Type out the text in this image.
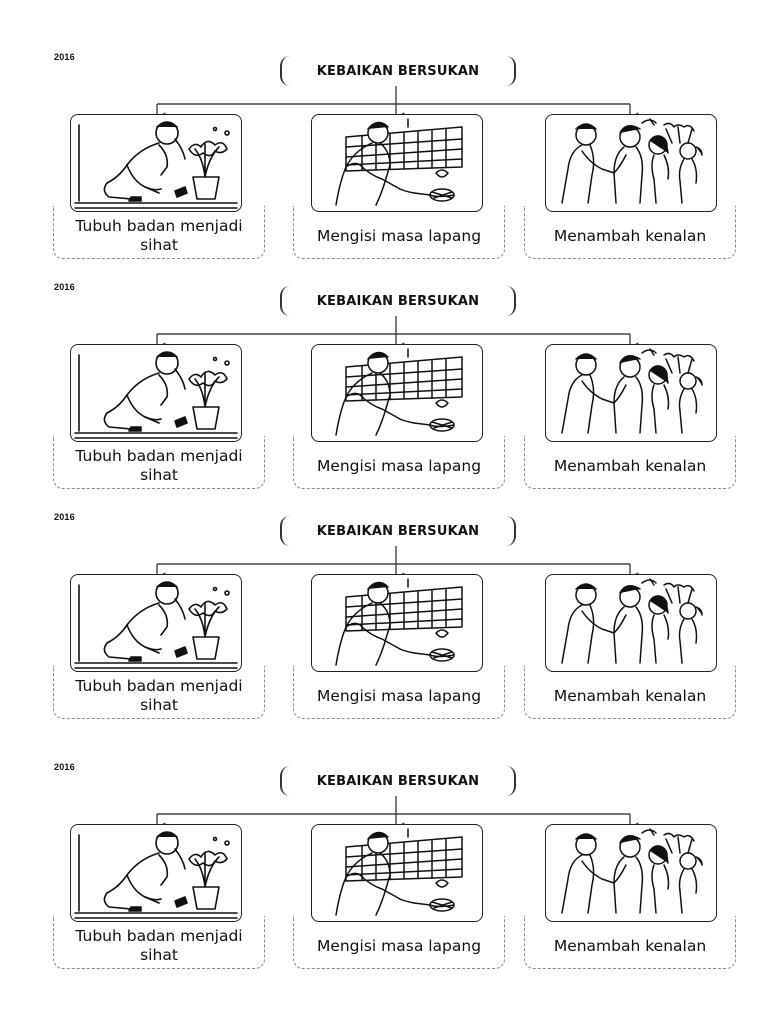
2016
KEBAIKAN BERSUKAN
Tubuh badan menjadi sihat
Mengisi masa lapang	Menambah kenalan
2016
KEBAIKAN BERSUKAN
Tubuh badan menjadi sihat
Mengisi masa lapang	Menambah kenalan
2016
KEBAIKAN BERSUKAN
Tubuh badan menjadi sihat
Mengisi masa lapang	Menambah kenalan
2016
KEBAIKAN BERSUKAN
Tubuh badan menjadi sihat
Mengisi masa lapang	Menambah kenalan
